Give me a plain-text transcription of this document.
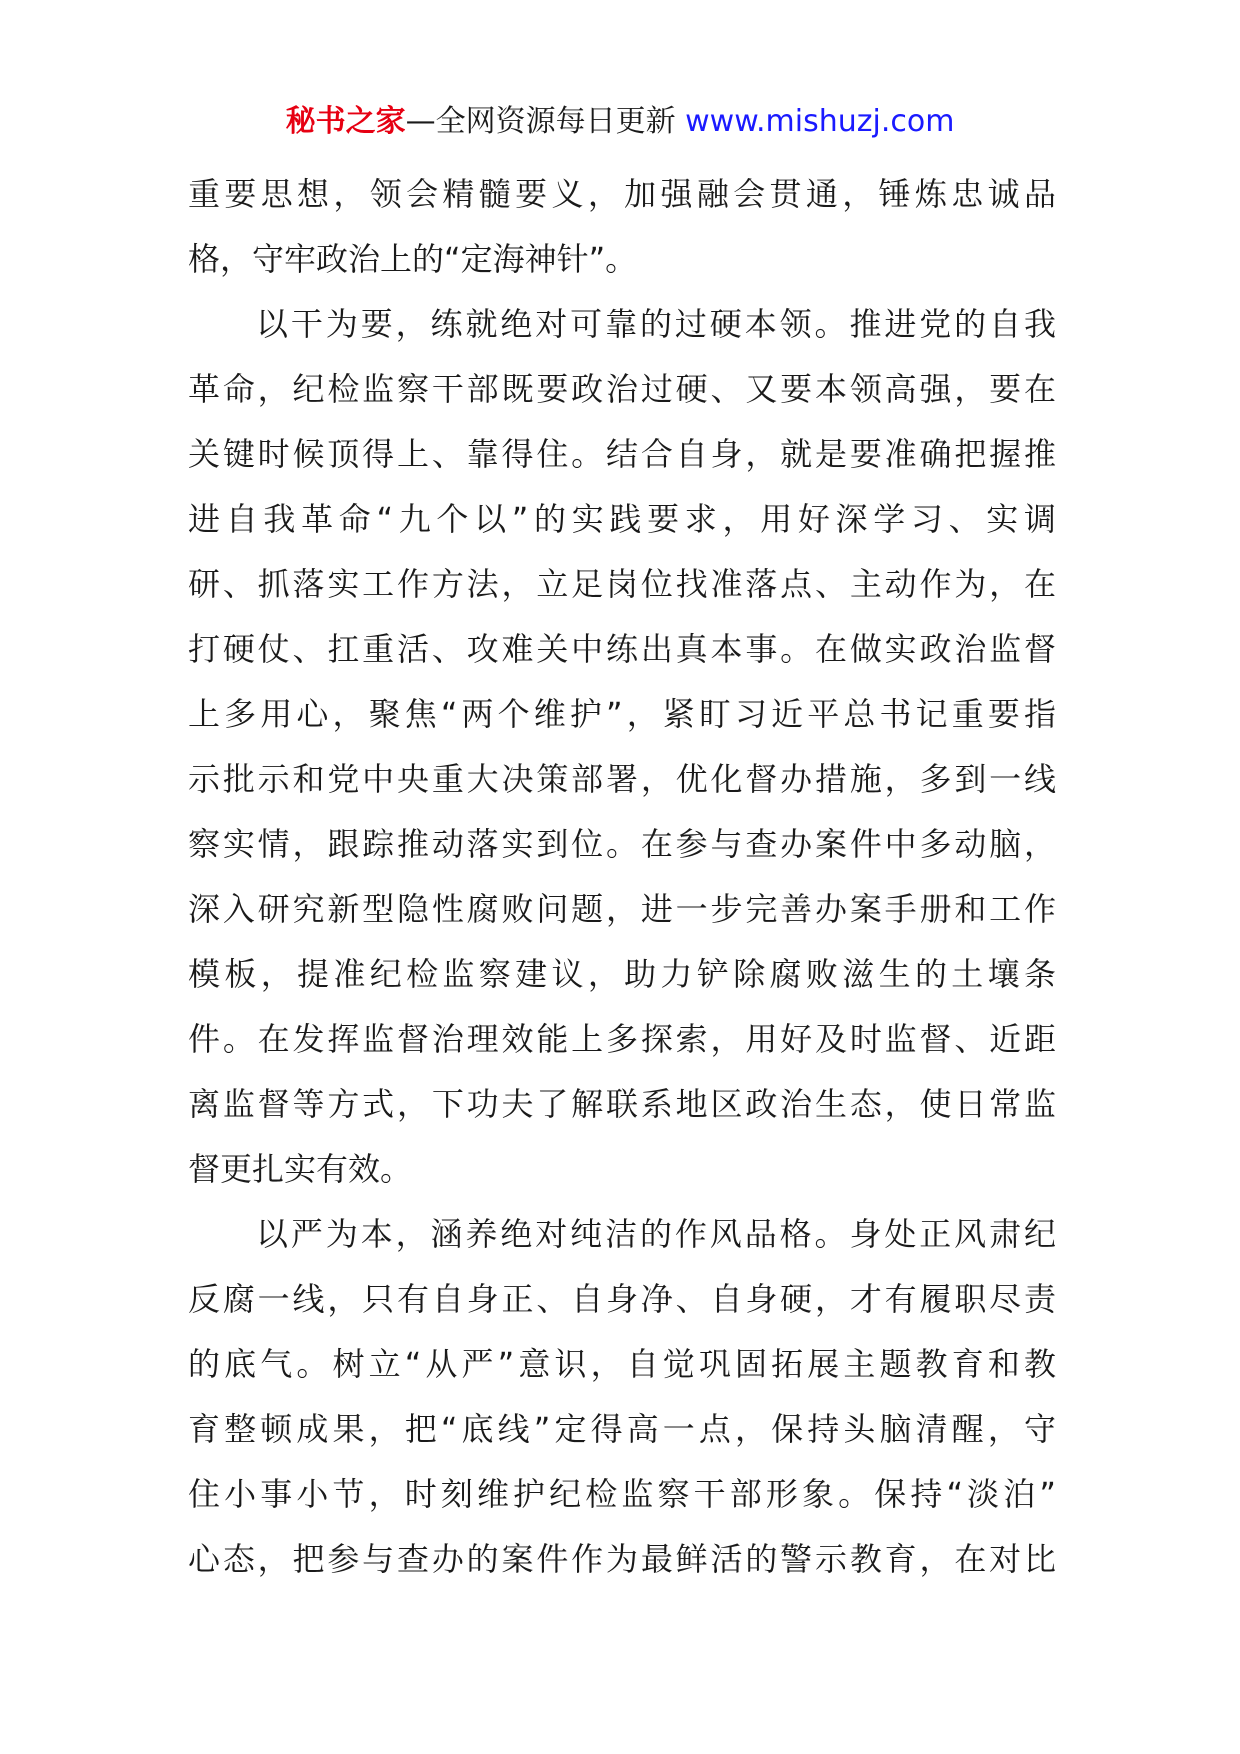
秘书之家—全网资源每日更新 www.mishuzj.com
重要思想，领会精髓要义，加强融会贯通，锤炼忠诚品
格，守牢政治上的“定海神针”。
以干为要，练就绝对可靠的过硬本领。推进党的自我
革命，纪检监察干部既要政治过硬、又要本领高强，要在
关键时候顶得上、靠得住。结合自身，就是要准确把握推
进自我革命“九个以”的实践要求，用好深学习、实调
研、抓落实工作方法，立足岗位找准落点、主动作为，在
打硬仗、扛重活、攻难关中练出真本事。在做实政治监督
上多用心，聚焦“两个维护”，紧盯习近平总书记重要指
示批示和党中央重大决策部署，优化督办措施，多到一线
察实情，跟踪推动落实到位。在参与查办案件中多动脑，
深入研究新型隐性腐败问题，进一步完善办案手册和工作
模板，提准纪检监察建议，助力铲除腐败滋生的土壤条
件。在发挥监督治理效能上多探索，用好及时监督、近距
离监督等方式，下功夫了解联系地区政治生态，使日常监
督更扎实有效。
以严为本，涵养绝对纯洁的作风品格。身处正风肃纪
反腐一线，只有自身正、自身净、自身硬，才有履职尽责
的底气。树立“从严”意识，自觉巩固拓展主题教育和教
育整顿成果，把“底线”定得高一点，保持头脑清醒，守
住小事小节，时刻维护纪检监察干部形象。保持“淡泊”
心态，把参与查办的案件作为最鲜活的警示教育，在对比
